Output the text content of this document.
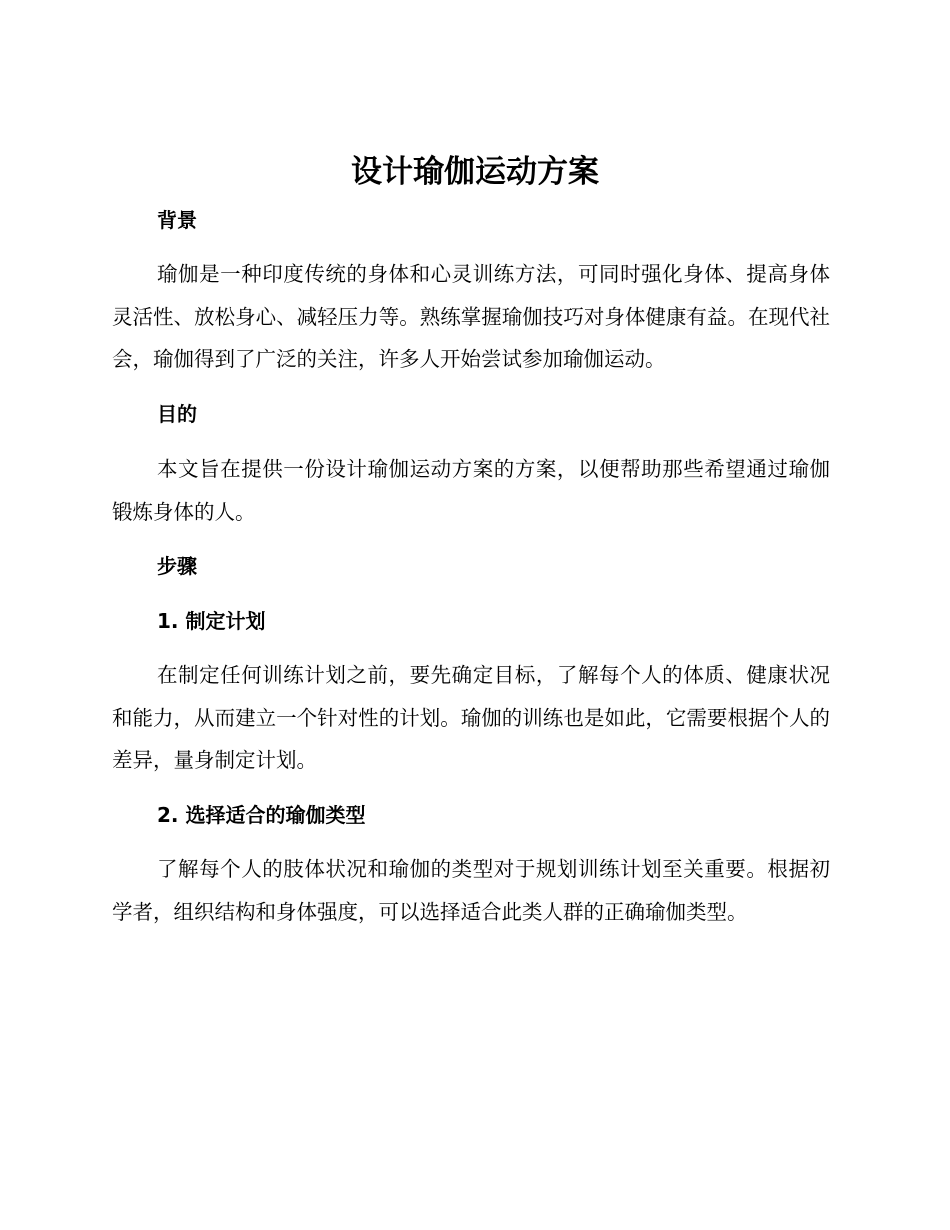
设计瑜伽运动方案
背景

瑜伽是一种印度传统的身体和心灵训练方法，可同时强化身体、提高身体灵活性、放松身心、减轻压力等。熟练掌握瑜伽技巧对身体健康有益。在现代社会，瑜伽得到了广泛的关注，许多人开始尝试参加瑜伽运动。

目的

本文旨在提供一份设计瑜伽运动方案的方案，以便帮助那些希望通过瑜伽锻炼身体的人。

步骤
1. 制定计划

在制定任何训练计划之前，要先确定目标，了解每个人的体质、健康状况和能力，从而建立一个针对性的计划。瑜伽的训练也是如此，它需要根据个人的差异，量身制定计划。

2. 选择适合的瑜伽类型

了解每个人的肢体状况和瑜伽的类型对于规划训练计划至关重要。根据初学者，组织结构和身体强度，可以选择适合此类人群的正确瑜伽类型。
